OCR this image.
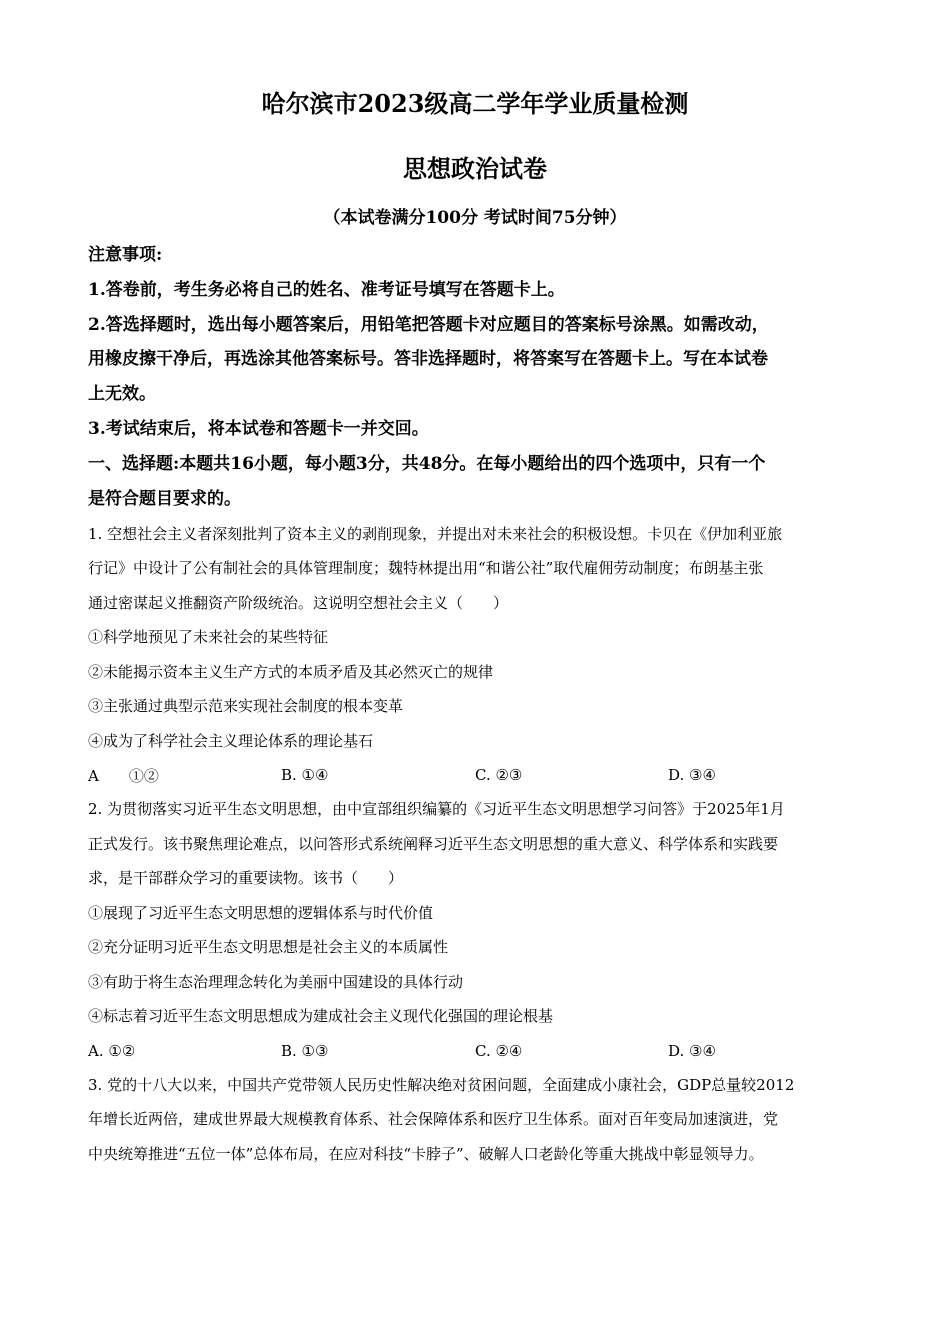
哈尔滨市2023级高二学年学业质量检测
思想政治试卷
（本试卷满分100分 考试时间75分钟）

注意事项:

1.答卷前，考生务必将自己的姓名、准考证号填写在答题卡上。

2.答选择题时，选出每小题答案后，用铅笔把答题卡对应题目的答案标号涂黑。如需改动，

用橡皮擦干净后，再选涂其他答案标号。答非选择题时，将答案写在答题卡上。写在本试卷

上无效。

3.考试结束后，将本试卷和答题卡一并交回。

一、选择题:本题共16小题，每小题3分，共48分。在每小题给出的四个选项中，只有一个

是符合题目要求的。

1. 空想社会主义者深刻批判了资本主义的剥削现象，并提出对未来社会的积极设想。卡贝在《伊加利亚旅

行记》中设计了公有制社会的具体管理制度；魏特林提出用“和谐公社”取代雇佣劳动制度；布朗基主张

通过密谋起义推翻资产阶级统治。这说明空想社会主义（　　）

①科学地预见了未来社会的某些特征

②未能揭示资本主义生产方式的本质矛盾及其必然灭亡的规律

③主张通过典型示范来实现社会制度的根本变革

④成为了科学社会主义理论体系的理论基石

A　　①②	B. ①④	C. ②③	D. ③④

2. 为贯彻落实习近平生态文明思想，由中宣部组织编纂的《习近平生态文明思想学习问答》于2025年1月

正式发行。该书聚焦理论难点，以问答形式系统阐释习近平生态文明思想的重大意义、科学体系和实践要

求，是干部群众学习的重要读物。该书（　　）

①展现了习近平生态文明思想的逻辑体系与时代价值

②充分证明习近平生态文明思想是社会主义的本质属性

③有助于将生态治理理念转化为美丽中国建设的具体行动

④标志着习近平生态文明思想成为建成社会主义现代化强国的理论根基

A. ①②	B. ①③	C. ②④	D. ③④

3. 党的十八大以来，中国共产党带领人民历史性解决绝对贫困问题，全面建成小康社会，GDP总量较2012

年增长近两倍，建成世界最大规模教育体系、社会保障体系和医疗卫生体系。面对百年变局加速演进，党

中央统筹推进“五位一体”总体布局，在应对科技“卡脖子”、破解人口老龄化等重大挑战中彰显领导力。
